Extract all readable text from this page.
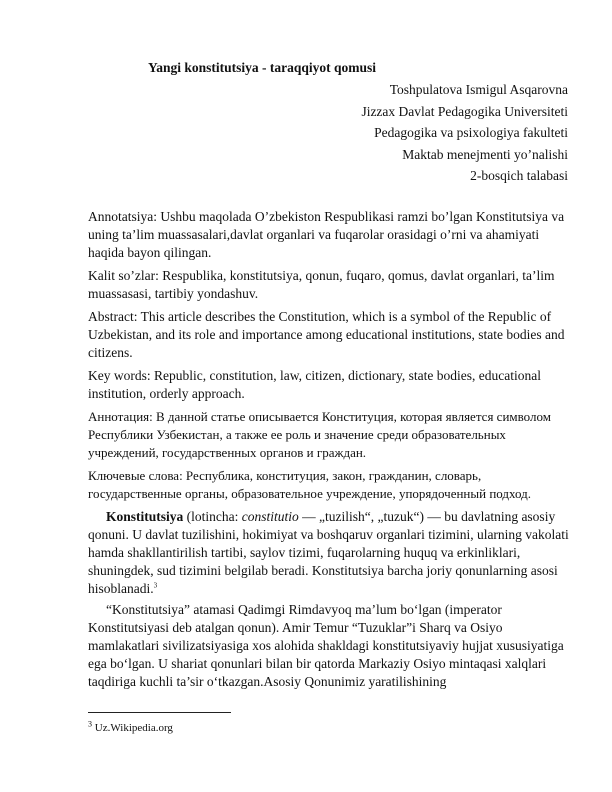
Yangi konstitutsiya - taraqqiyot qomusi
Toshpulatova Ismigul Asqarovna
Jizzax Davlat Pedagogika Universiteti
Pedagogika va psixologiya fakulteti
Maktab menejmenti yo’nalishi
2-bosqich talabasi

Annotatsiya: Ushbu maqolada O’zbekiston Respublikasi ramzi bo’lgan Konstitutsiya va uning ta’lim muassasalari,davlat organlari va fuqarolar orasidagi o’rni va ahamiyati haqida bayon qilingan.

Kalit so’zlar: Respublika, konstitutsiya, qonun, fuqaro, qomus, davlat organlari, ta’lim muassasasi, tartibiy yondashuv.

Abstract: This article describes the Constitution, which is a symbol of the Republic of Uzbekistan, and its role and importance among educational institutions, state bodies and citizens.

Key words: Republic, constitution, law, citizen, dictionary, state bodies, educational institution, orderly approach.

Аннотация: В данной статье описывается Конституция, которая является символом Республики Узбекистан, а также ее роль и значение среди образовательных учреждений, государственных органов и граждан.

Ключевые слова: Республика, конституция, закон, гражданин, словарь, государственные органы, образовательное учреждение, упорядоченный подход.

Konstitutsiya (lotincha: constitutio — „tuzilish“, „tuzuk“) — bu davlatning asosiy qonuni. U davlat tuzilishini, hokimiyat va boshqaruv organlari tizimini, ularning vakolati hamda shakllantirilish tartibi, saylov tizimi, fuqarolarning huquq va erkinliklari, shuningdek, sud tizimini belgilab beradi. Konstitutsiya barcha joriy qonunlarning asosi hisoblanadi.$^3$

“Konstitutsiya” atamasi Qadimgi Rimdavyoq ma’lum bo‘lgan (imperator Konstitutsiyasi deb atalgan qonun). Amir Temur “Tuzuklar”i Sharq va Osiyo mamlakatlari sivilizatsiyasiga xos alohida shakldagi konstitutsiyaviy hujjat xususiyatiga ega bo‘lgan. U shariat qonunlari bilan bir qatorda Markaziy Osiyo mintaqasi xalqlari taqdiriga kuchli ta’sir o‘tkazgan.Asosiy Qonunimiz yaratilishining

$^3$ Uz.Wikipedia.org
